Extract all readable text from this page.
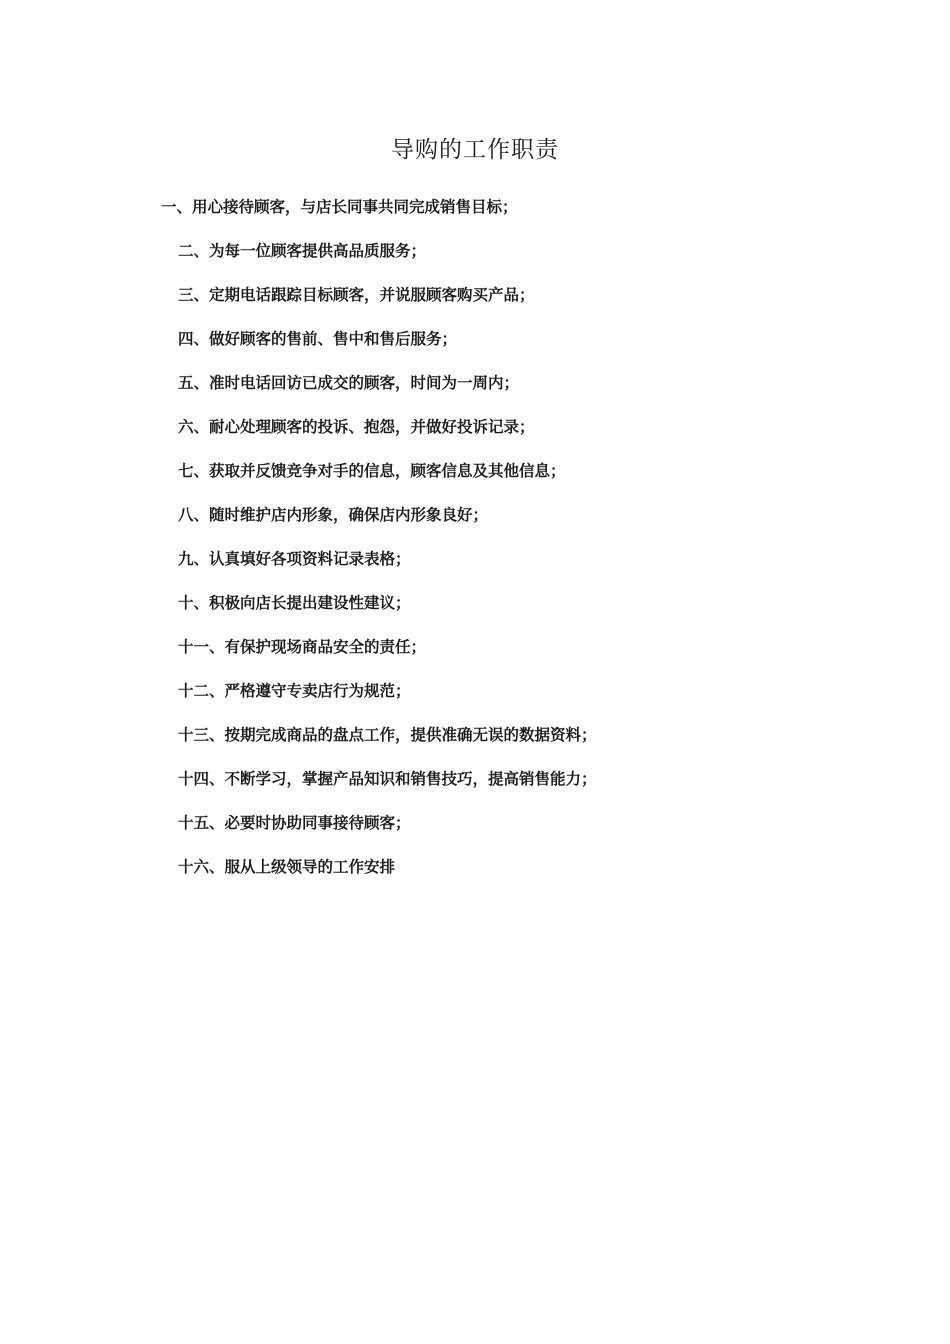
导购的工作职责
一、用心接待顾客，与店长同事共同完成销售目标；
二、为每一位顾客提供高品质服务；
三、定期电话跟踪目标顾客，并说服顾客购买产品；
四、做好顾客的售前、售中和售后服务；
五、准时电话回访已成交的顾客，时间为一周内；
六、耐心处理顾客的投诉、抱怨，并做好投诉记录；
七、获取并反馈竞争对手的信息，顾客信息及其他信息；
八、随时维护店内形象，确保店内形象良好；
九、认真填好各项资料记录表格；
十、积极向店长提出建设性建议；
十一、有保护现场商品安全的责任；
十二、严格遵守专卖店行为规范；
十三、按期完成商品的盘点工作，提供准确无误的数据资料；
十四、不断学习，掌握产品知识和销售技巧，提高销售能力；
十五、必要时协助同事接待顾客；
十六、服从上级领导的工作安排
